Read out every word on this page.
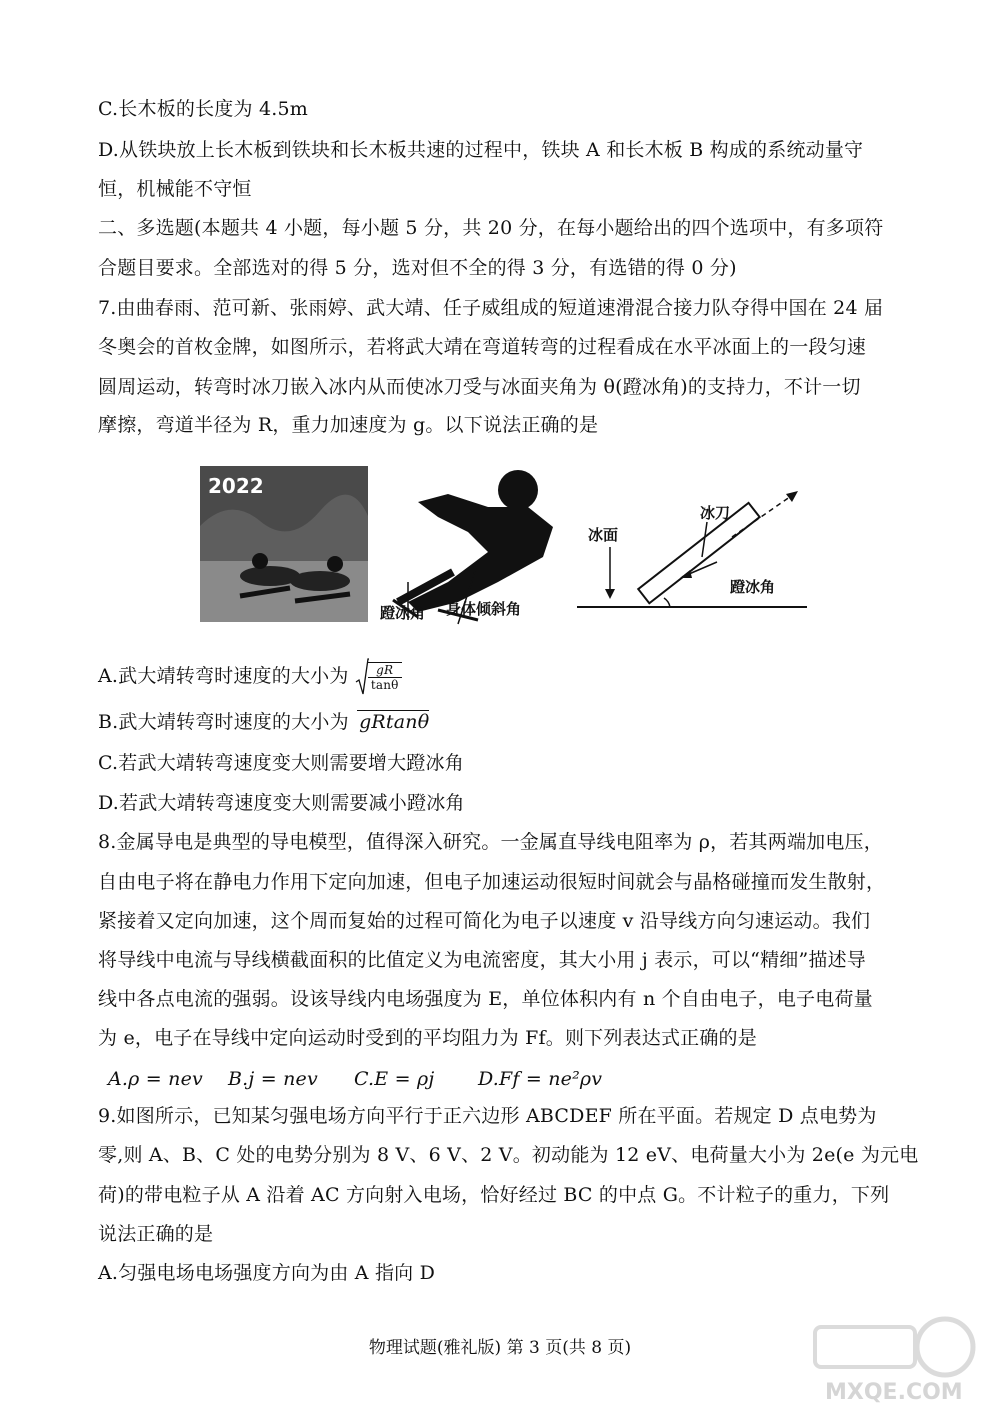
C.长木板的长度为 4.5m
D.从铁块放上长木板到铁块和长木板共速的过程中，铁块 A 和长木板 B 构成的系统动量守
恒，机械能不守恒
二、多选题(本题共 4 小题，每小题 5 分，共 20 分，在每小题给出的四个选项中，有多项符
合题目要求。全部选对的得 5 分，选对但不全的得 3 分，有选错的得 0 分)
7.由曲春雨、范可新、张雨婷、武大靖、任子威组成的短道速滑混合接力队夺得中国在 24 届
冬奥会的首枚金牌，如图所示，若将武大靖在弯道转弯的过程看成在水平冰面上的一段匀速
圆周运动，转弯时冰刀嵌入冰内从而使冰刀受与冰面夹角为 θ(蹬冰角)的支持力，不计一切
摩擦，弯道半径为 R，重力加速度为 g。以下说法正确的是
2022
蹬冰角 身体倾斜角
冰面
冰刀
蹬冰角
A.武大靖转弯时速度的大小为 $\frac{gR}{\tan\theta}$
B.武大靖转弯时速度的大小为 gRtanθ
C.若武大靖转弯速度变大则需要增大蹬冰角
D.若武大靖转弯速度变大则需要减小蹬冰角
8.金属导电是典型的导电模型，值得深入研究。一金属直导线电阻率为 ρ，若其两端加电压，
自由电子将在静电力作用下定向加速，但电子加速运动很短时间就会与晶格碰撞而发生散射，
紧接着又定向加速，这个周而复始的过程可简化为电子以速度 v 沿导线方向匀速运动。我们
将导线中电流与导线横截面积的比值定义为电流密度，其大小用 j 表示，可以“精细”描述导
线中各点电流的强弱。设该导线内电场强度为 E，单位体积内有 n 个自由电子，电子电荷量
为 e，电子在导线中定向运动时受到的平均阻力为 Ff。则下列表达式正确的是
A.ρ = nev B.j = nev C.E = ρj D.Ff = ne²ρv
9.如图所示，已知某匀强电场方向平行于正六边形 ABCDEF 所在平面。若规定 D 点电势为
零,则 A、B、C 处的电势分别为 8 V、6 V、2 V。初动能为 12 eV、电荷量大小为 2e(e 为元电
荷)的带电粒子从 A 沿着 AC 方向射入电场，恰好经过 BC 的中点 G。不计粒子的重力，下列
说法正确的是
A.匀强电场电场强度方向为由 A 指向 D
物理试题(雅礼版) 第 3 页(共 8 页)
MXQE.COM
